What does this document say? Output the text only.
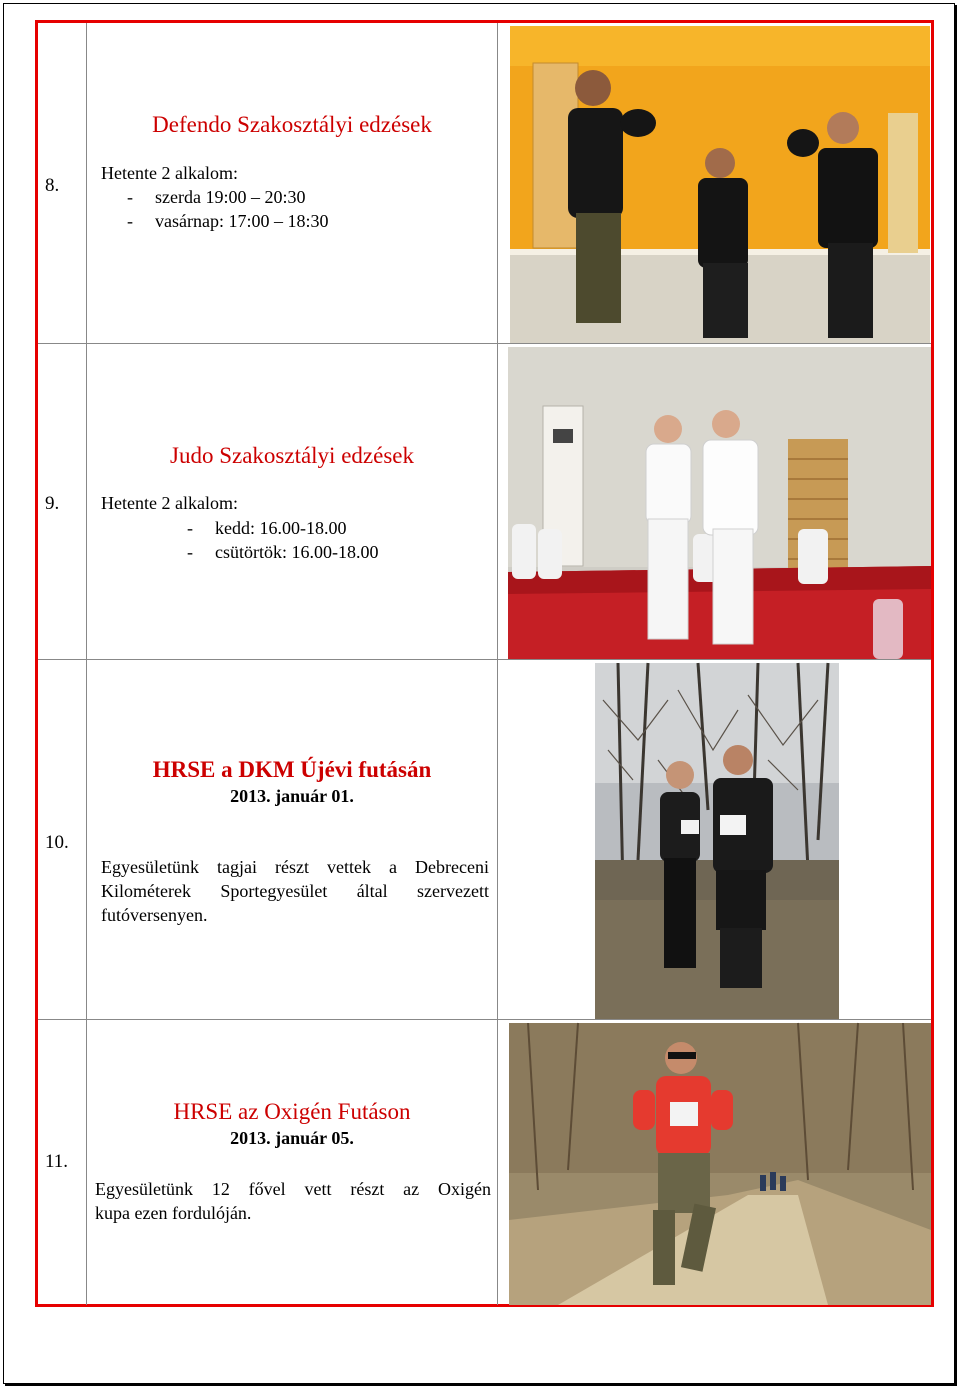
8.
Defendo Szakosztályi edzések
Hetente 2 alkalom:
- szerda 19:00 – 20:30
- vasárnap: 17:00 – 18:30
9.
Judo Szakosztályi edzések
Hetente 2 alkalom:
- kedd: 16.00-18.00
- csütörtök: 16.00-18.00
10.
HRSE a DKM Újévi futásán
2013. január 01.
Egyesületünk tagjai részt vettek a Debreceni
Kilométerek Sportegyesület által szervezett
futóversenyen.
11.
HRSE az Oxigén Futáson
2013. január 05.
Egyesületünk 12 fővel vett részt az Oxigén
kupa ezen fordulóján.
